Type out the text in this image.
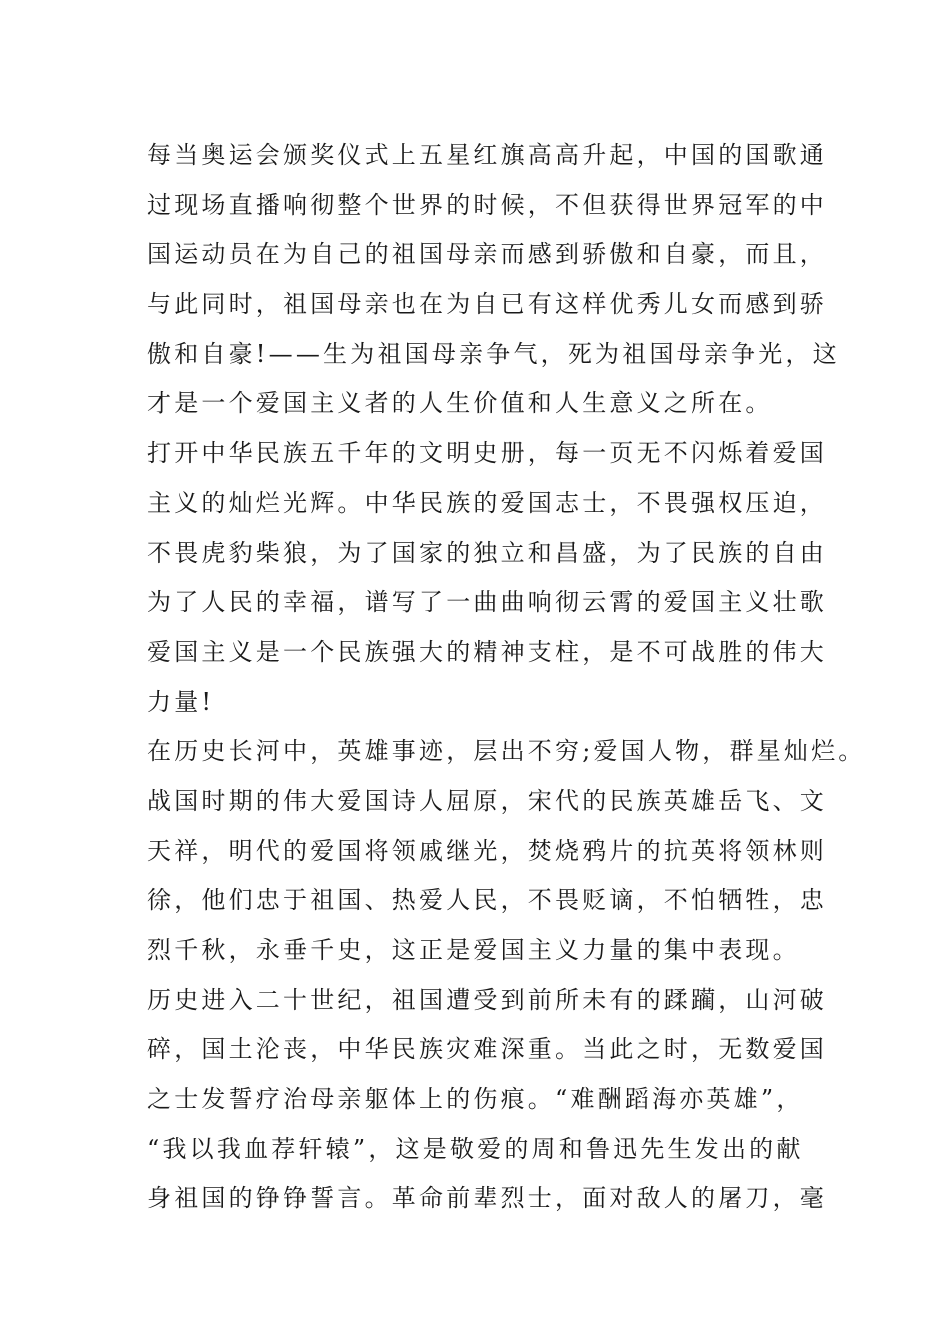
每当奥运会颁奖仪式上五星红旗高高升起，中国的国歌通
过现场直播响彻整个世界的时候，不但获得世界冠军的中
国运动员在为自己的祖国母亲而感到骄傲和自豪，而且，
与此同时，祖国母亲也在为自已有这样优秀儿女而感到骄
傲和自豪!——生为祖国母亲争气，死为祖国母亲争光，这
才是一个爱国主义者的人生价值和人生意义之所在。
打开中华民族五千年的文明史册，每一页无不闪烁着爱国
主义的灿烂光辉。中华民族的爱国志士，不畏强权压迫，
不畏虎豹柴狼，为了国家的独立和昌盛，为了民族的自由
为了人民的幸福，谱写了一曲曲响彻云霄的爱国主义壮歌
爱国主义是一个民族强大的精神支柱，是不可战胜的伟大
力量!
在历史长河中，英雄事迹，层出不穷;爱国人物，群星灿烂。
战国时期的伟大爱国诗人屈原，宋代的民族英雄岳飞、文
天祥，明代的爱国将领戚继光，焚烧鸦片的抗英将领林则
徐，他们忠于祖国、热爱人民，不畏贬谪，不怕牺牲，忠
烈千秋，永垂千史，这正是爱国主义力量的集中表现。
历史进入二十世纪，祖国遭受到前所未有的蹂躏，山河破
碎，国土沦丧，中华民族灾难深重。当此之时，无数爱国
之士发誓疗治母亲躯体上的伤痕。“难酬蹈海亦英雄”，
“我以我血荐轩辕”，这是敬爱的周和鲁迅先生发出的献
身祖国的铮铮誓言。革命前辈烈士，面对敌人的屠刀，毫
